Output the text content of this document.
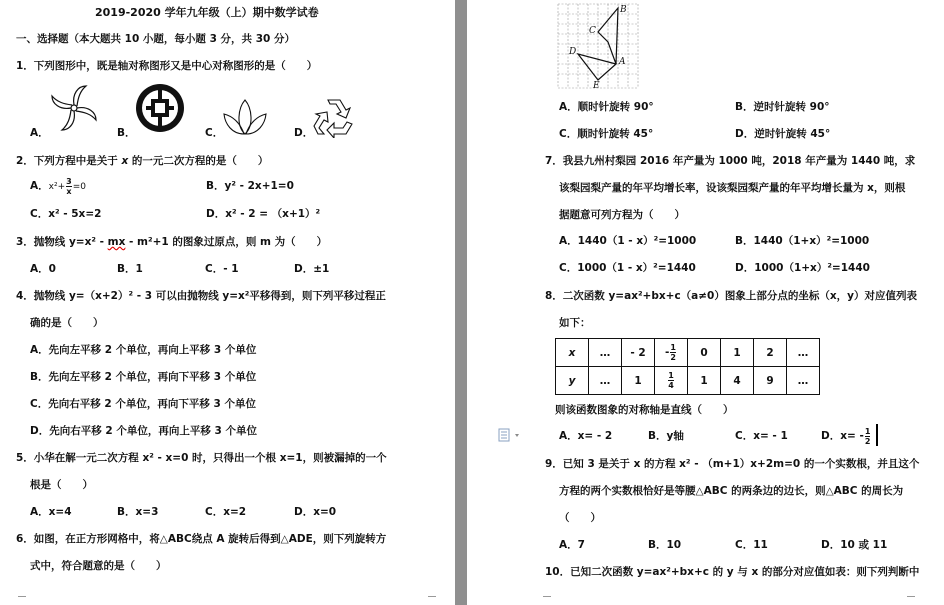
2019-2020 学年九年级（上）期中数学试卷
一、选择题（本大题共 10 小题，每小题 3 分，共 30 分）
1．下列图形中，既是轴对称图形又是中心对称图形的是（　　）
A．	B．	C．	D．
2．下列方程中是关于 x 的一元二次方程的是（　　）
A．$x^2+ \frac{3}{x} =0$	B．y² - 2x+1=0
C．x² - 5x=2	D．x² - 2 = （x+1）²
3．抛物线 y=x² - mx - m²+1 的图象过原点，则 m 为（　　）
A．0	B．1	C．- 1	D．±1
4．抛物线 y=（x+2）² - 3 可以由抛物线 y=x²平移得到，则下列平移过程正
确的是（　　）
A．先向左平移 2 个单位，再向上平移 3 个单位
B．先向左平移 2 个单位，再向下平移 3 个单位
C．先向右平移 2 个单位，再向下平移 3 个单位
D．先向右平移 2 个单位，再向上平移 3 个单位
5．小华在解一元二次方程 x² - x=0 时，只得出一个根 x=1，则被漏掉的一个
根是（　　）
A．x=4	B．x=3	C．x=2	D．x=0
6．如图，在正方形网格中，将△ABC绕点 A 旋转后得到△ADE，则下列旋转方
式中，符合题意的是（　　）
B
C
D
A
E
A．顺时针旋转 90°	B．逆时针旋转 90°
C．顺时针旋转 45°	D．逆时针旋转 45°
7．我县九州村梨园 2016 年产量为 1000 吨，2018 年产量为 1440 吨，求
该梨园梨产量的年平均增长率，设该梨园梨产量的年平均增长量为 x，则根
据题意可列方程为（　　）
A．1440（1 - x）²=1000	B．1440（1+x）²=1000
C．1000（1 - x）²=1440	D．1000（1+x）²=1440
8．二次函数 y=ax²+bx+c（a≠0）图象上部分点的坐标（x，y）对应值列表
如下：
x	…	- 2	- $\frac{1}{2}$	0	1	2	…
y	…	1	$\frac{1}{4}$	1	4	9	…
则该函数图象的对称轴是直线（　　）
A．x= - 2	B．y轴	C．x= - 1	D．$x= - \frac{1}{2}$
9．已知 3 是关于 x 的方程 x² - （m+1）x+2m=0 的一个实数根，并且这个
方程的两个实数根恰好是等腰△ABC 的两条边的边长，则△ABC 的周长为
（　　）
A．7	B．10	C．11	D．10 或 11
10．已知二次函数 y=ax²+bx+c 的 y 与 x 的部分对应值如表：则下列判断中
